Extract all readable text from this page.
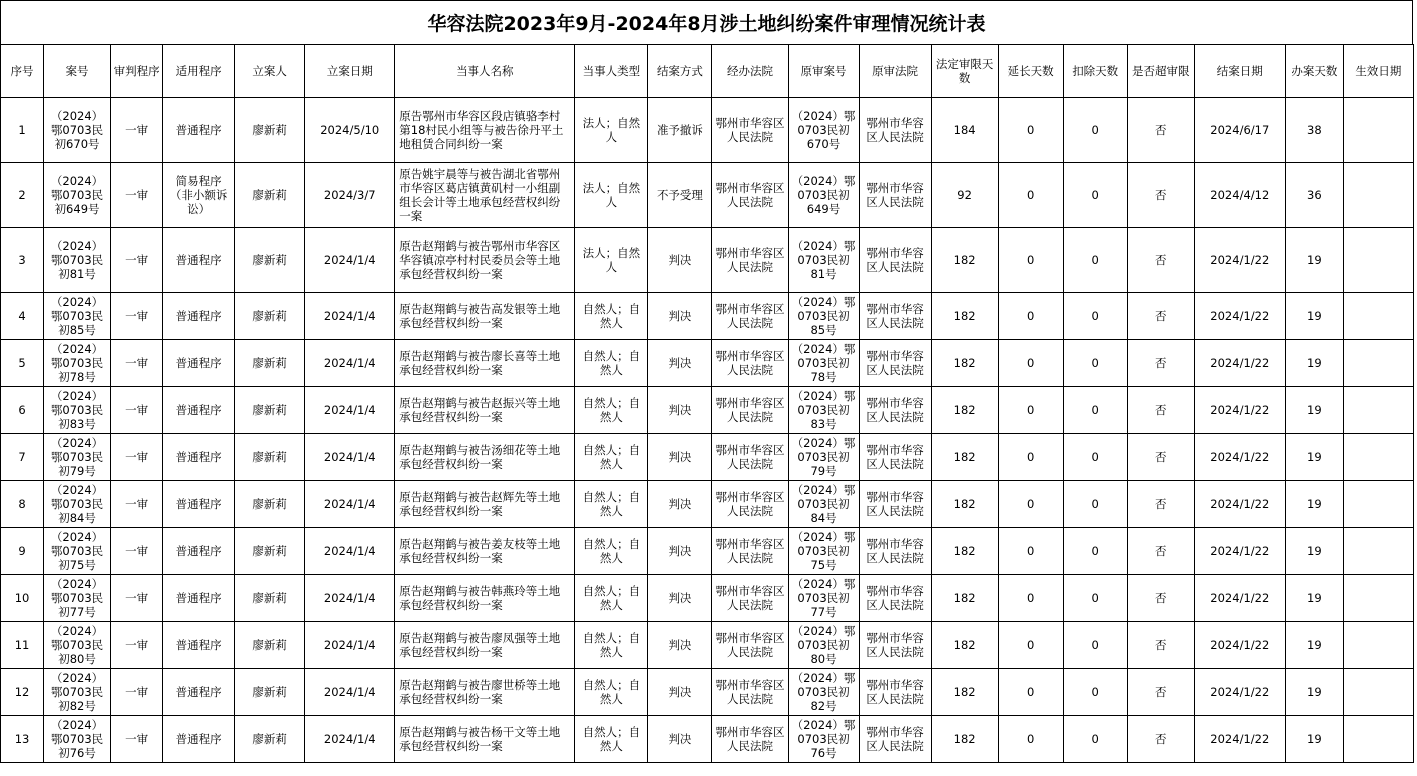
华容法院2023年9月-2024年8月涉土地纠纷案件审理情况统计表
序号	案号	审判程序	适用程序	立案人	立案日期	当事人名称	当事人类型	结案方式	经办法院	原审案号	原审法院	法定审限天数	延长天数	扣除天数	是否超审限	结案日期	办案天数	生效日期
1	（2024）鄂0703民初670号	一审	普通程序	廖新莉	2024/5/10	原告鄂州市华容区段店镇骆李村第18村民小组等与被告徐丹平土地租赁合同纠纷一案	法人；自然人	准予撤诉	鄂州市华容区人民法院	（2024）鄂0703民初670号	鄂州市华容区人民法院	184	0	0	否	2024/6/17	38	
2	（2024）鄂0703民初649号	一审	简易程序（非小额诉讼）	廖新莉	2024/3/7	原告姚宇晨等与被告湖北省鄂州市华容区葛店镇黄矶村一小组副组长会计等土地承包经营权纠纷一案	法人；自然人	不予受理	鄂州市华容区人民法院	（2024）鄂0703民初649号	鄂州市华容区人民法院	92	0	0	否	2024/4/12	36	
3	（2024）鄂0703民初81号	一审	普通程序	廖新莉	2024/1/4	原告赵翔鹤与被告鄂州市华容区华容镇凉亭村村民委员会等土地承包经营权纠纷一案	法人；自然人	判决	鄂州市华容区人民法院	（2024）鄂0703民初81号	鄂州市华容区人民法院	182	0	0	否	2024/1/22	19	
4	（2024）鄂0703民初85号	一审	普通程序	廖新莉	2024/1/4	原告赵翔鹤与被告高发银等土地承包经营权纠纷一案	自然人；自然人	判决	鄂州市华容区人民法院	（2024）鄂0703民初85号	鄂州市华容区人民法院	182	0	0	否	2024/1/22	19	
5	（2024）鄂0703民初78号	一审	普通程序	廖新莉	2024/1/4	原告赵翔鹤与被告廖长喜等土地承包经营权纠纷一案	自然人；自然人	判决	鄂州市华容区人民法院	（2024）鄂0703民初78号	鄂州市华容区人民法院	182	0	0	否	2024/1/22	19	
6	（2024）鄂0703民初83号	一审	普通程序	廖新莉	2024/1/4	原告赵翔鹤与被告赵振兴等土地承包经营权纠纷一案	自然人；自然人	判决	鄂州市华容区人民法院	（2024）鄂0703民初83号	鄂州市华容区人民法院	182	0	0	否	2024/1/22	19	
7	（2024）鄂0703民初79号	一审	普通程序	廖新莉	2024/1/4	原告赵翔鹤与被告汤细花等土地承包经营权纠纷一案	自然人；自然人	判决	鄂州市华容区人民法院	（2024）鄂0703民初79号	鄂州市华容区人民法院	182	0	0	否	2024/1/22	19	
8	（2024）鄂0703民初84号	一审	普通程序	廖新莉	2024/1/4	原告赵翔鹤与被告赵辉先等土地承包经营权纠纷一案	自然人；自然人	判决	鄂州市华容区人民法院	（2024）鄂0703民初84号	鄂州市华容区人民法院	182	0	0	否	2024/1/22	19	
9	（2024）鄂0703民初75号	一审	普通程序	廖新莉	2024/1/4	原告赵翔鹤与被告姜友枝等土地承包经营权纠纷一案	自然人；自然人	判决	鄂州市华容区人民法院	（2024）鄂0703民初75号	鄂州市华容区人民法院	182	0	0	否	2024/1/22	19	
10	（2024）鄂0703民初77号	一审	普通程序	廖新莉	2024/1/4	原告赵翔鹤与被告韩燕玲等土地承包经营权纠纷一案	自然人；自然人	判决	鄂州市华容区人民法院	（2024）鄂0703民初77号	鄂州市华容区人民法院	182	0	0	否	2024/1/22	19	
11	（2024）鄂0703民初80号	一审	普通程序	廖新莉	2024/1/4	原告赵翔鹤与被告廖凤强等土地承包经营权纠纷一案	自然人；自然人	判决	鄂州市华容区人民法院	（2024）鄂0703民初80号	鄂州市华容区人民法院	182	0	0	否	2024/1/22	19	
12	（2024）鄂0703民初82号	一审	普通程序	廖新莉	2024/1/4	原告赵翔鹤与被告廖世桥等土地承包经营权纠纷一案	自然人；自然人	判决	鄂州市华容区人民法院	（2024）鄂0703民初82号	鄂州市华容区人民法院	182	0	0	否	2024/1/22	19	
13	（2024）鄂0703民初76号	一审	普通程序	廖新莉	2024/1/4	原告赵翔鹤与被告杨干文等土地承包经营权纠纷一案	自然人；自然人	判决	鄂州市华容区人民法院	（2024）鄂0703民初76号	鄂州市华容区人民法院	182	0	0	否	2024/1/22	19	
